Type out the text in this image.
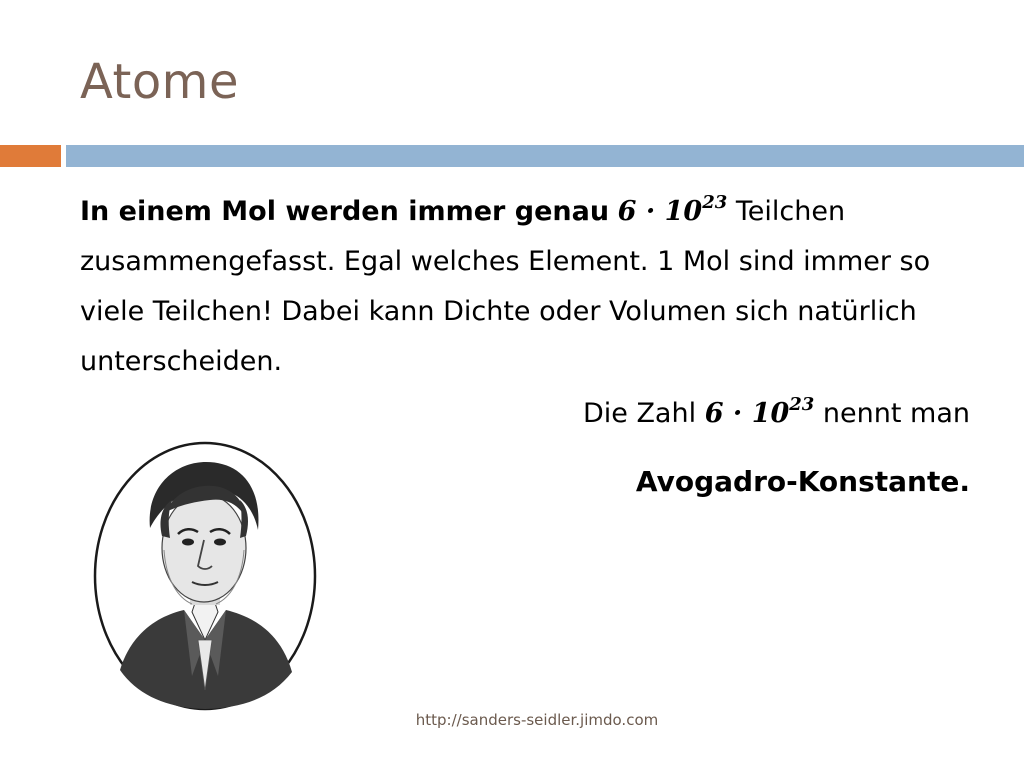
Atome
In einem Mol werden immer genau $6 \cdot 10^{23}$ Teilchen zusammengefasst. Egal welches Element. 1 Mol sind immer so viele Teilchen! Dabei kann Dichte oder Volumen sich natürlich unterscheiden.
Die Zahl $6 \cdot 10^{23}$ nennt man
Avogadro-Konstante.
http://sanders-seidler.jimdo.com
